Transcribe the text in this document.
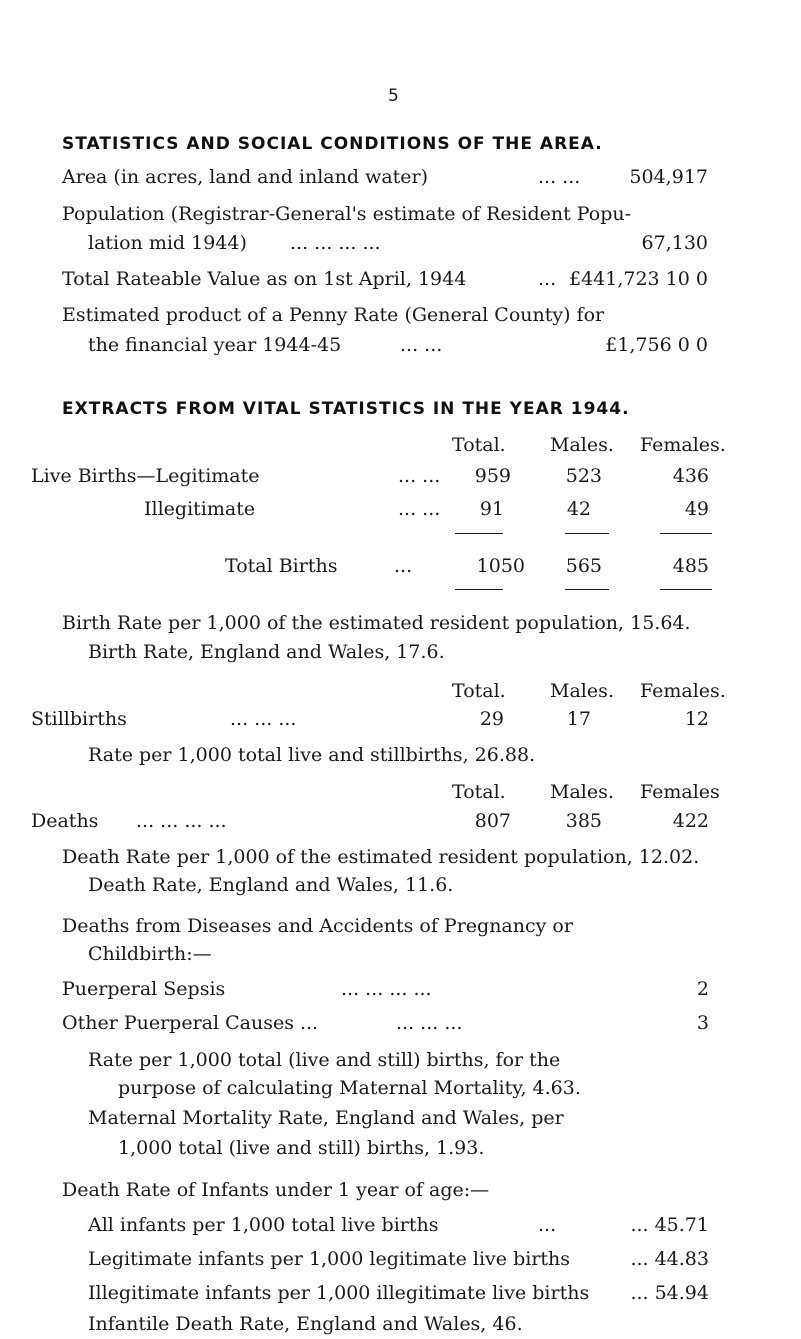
5
STATISTICS AND SOCIAL CONDITIONS OF THE AREA.
Area (in acres, land and inland water)	... ...	504,917
Population (Registrar-General's estimate of Resident Popu-
lation mid 1944) ... ... ... ...	67,130
Total Rateable Value as on 1st April, 1944	... £441,723 10 0
Estimated product of a Penny Rate (General County) for
the financial year 1944-45	... ...	£1,756 0 0
EXTRACTS FROM VITAL STATISTICS IN THE YEAR 1944.
Total. Males. Females.
Live Births—Legitimate	... ... 959	523	436
Illegitimate	... ... 91	42	49
Total Births	...	1050 565	485
Birth Rate per 1,000 of the estimated resident population, 15.64.
Birth Rate, England and Wales, 17.6.
Total. Males. Females.
Stillbirths	... ... ...	29	17	12
Rate per 1,000 total live and stillbirths, 26.88.
Total. Males. Females
Deaths ... ... ... ...	807	385	422
Death Rate per 1,000 of the estimated resident population, 12.02.
Death Rate, England and Wales, 11.6.
Deaths from Diseases and Accidents of Pregnancy or
Childbirth:—
Puerperal Sepsis	... ... ... ...	2
Other Puerperal Causes ...	... ... ...	3
Rate per 1,000 total (live and still) births, for the
purpose of calculating Maternal Mortality, 4.63.
Maternal Mortality Rate, England and Wales, per
1,000 total (live and still) births, 1.93.
Death Rate of Infants under 1 year of age:—
All infants per 1,000 total live births	...	... 45.71
Legitimate infants per 1,000 legitimate live births	... 44.83
Illegitimate infants per 1,000 illegitimate live births ... 54.94
Infantile Death Rate, England and Wales, 46.
